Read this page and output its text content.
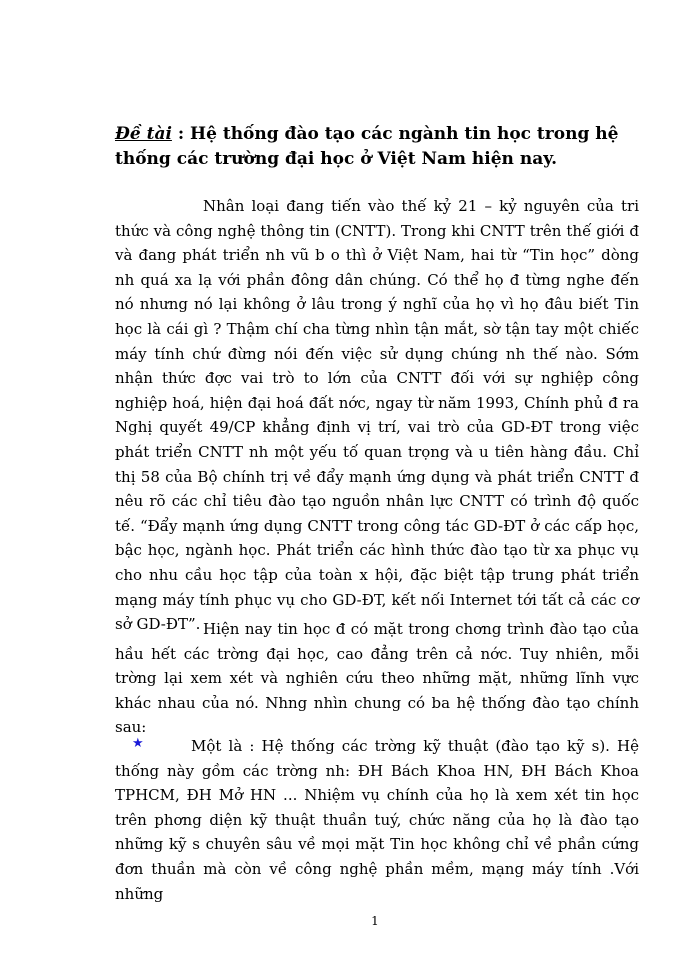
Đề tài : Hệ thống đào tạo các ngành tin học trong hệ thống các trường đại học ở Việt Nam hiện nay.
Nhân loại đang tiến vào thế kỷ 21 – kỷ nguyên của tri thức và công nghệ thông tin (CNTT). Trong khi CNTT trên thế giới đ và đang phát triển nh vũ b o thì ở Việt Nam, hai từ “Tin học” dòng nh quá xa lạ với phần đông dân chúng. Có thể họ đ từng nghe đến nó nhưng nó lại không ở lâu trong ý nghĩ của họ vì họ đâu biết Tin học là cái gì ? Thậm chí cha từng nhìn tận mắt, sờ tận tay một chiếc máy tính chứ đừng nói đến việc sử dụng chúng nh thế nào. Sớm nhận thức đợc vai trò to lớn của CNTT đối với sự nghiệp công nghiệp hoá, hiện đại hoá đất nớc, ngay từ năm 1993, Chính phủ đ ra Nghị quyết 49/CP khẳng định vị trí, vai trò của GD-ĐT trong việc phát triển CNTT nh một yếu tố quan trọng và u tiên hàng đầu. Chỉ thị 58 của Bộ chính trị về đẩy mạnh ứng dụng và phát triển CNTT đ nêu rõ các chỉ tiêu đào tạo nguồn nhân lực CNTT có trình độ quốc tế. “Đẩy mạnh ứng dụng CNTT trong công tác GD-ĐT ở các cấp học, bậc học, ngành học. Phát triển các hình thức đào tạo từ xa phục vụ cho nhu cầu học tập của toàn x hội, đặc biệt tập trung phát triển mạng máy tính phục vụ cho GD-ĐT, kết nối Internet tới tất cả các cơ sở GD-ĐT”. Hiện nay tin học đ có mặt trong chơng trình đào tạo của hầu hết các trờng đại học, cao đẳng trên cả nớc. Tuy nhiên, mỗi trờng lại xem xét và nghiên cứu theo những mặt, những lĩnh vực khác nhau của nó. Nhng nhìn chung có ba hệ thống đào tạo chính sau:
★	Một là : Hệ thống các trờng kỹ thuật (đào tạo kỹ s). Hệ thống này gồm các trờng nh: ĐH Bách Khoa HN, ĐH Bách Khoa TPHCM, ĐH Mở HN ... Nhiệm vụ chính của họ là xem xét tin học trên phơng diện kỹ thuật thuần tuý, chức năng của họ là đào tạo những kỹ s chuyên sâu về mọi mặt Tin học không chỉ về phần cứng đơn thuần mà còn về công nghệ phần mềm, mạng máy tính .Với những
1
